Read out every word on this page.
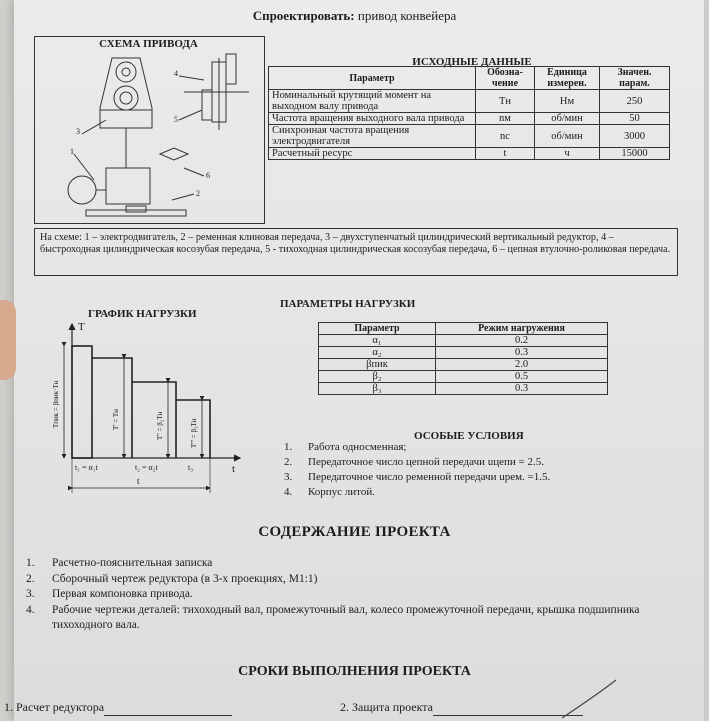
Спроектировать: привод конвейера
СХЕМА ПРИВОДА
1
2
3
4
5
6
ИСХОДНЫЕ ДАННЫЕ
Параметр	Обозна-чение	Единица измерен.	Значен. парам.
Номинальный крутящий момент на выходном валу привода	Tн	Нм	250
Частота вращения выходного вала привода	nм	об/мин	50
Синхронная частота вращения электродвигателя	nс	об/мин	3000
Расчетный ресурс	t	ч	15000
На схеме: 1 – электродвигатель, 2 – ременная клиновая передача, 3 – двухступенчатый цилиндрический вертикальный редуктор, 4 – быстроходная цилиндрическая косозубая передача, 5 - тихоходная цилиндрическая косозубая передача, 6 – цепная втулочно-роликовая передача.
ГРАФИК НАГРУЗКИ
T
t
Tпик = βпик·Tн	T' = Tн	T'' = β₂Tн	T''' = β₃Tн
t₁ = α₁t	t₂ = α₂t	t₃
t
ПАРАМЕТРЫ НАГРУЗКИ
Параметр	Режим нагружения
α₁	0.2
α₂	0.3
βпик	2.0
β₂	0.5
β₃	0.3
ОСОБЫЕ УСЛОВИЯ
1. Работа односменная;
2. Передаточное число цепной передачи uцепи = 2.5.
3. Передаточное число ременной передачи uрем. =1.5.
4. Корпус литой.
СОДЕРЖАНИЕ ПРОЕКТА
1.	Расчетно-пояснительная записка
2.	Сборочный чертеж редуктора (в 3-х проекциях, М1:1)
3.	Первая компоновка привода.
4.	Рабочие чертежи деталей: тихоходный вал, промежуточный вал, колесо промежуточной передачи, крышка подшипника тихоходного вала.
СРОКИ ВЫПОЛНЕНИЯ ПРОЕКТА
1. Расчет редуктора	2. Защита проекта
